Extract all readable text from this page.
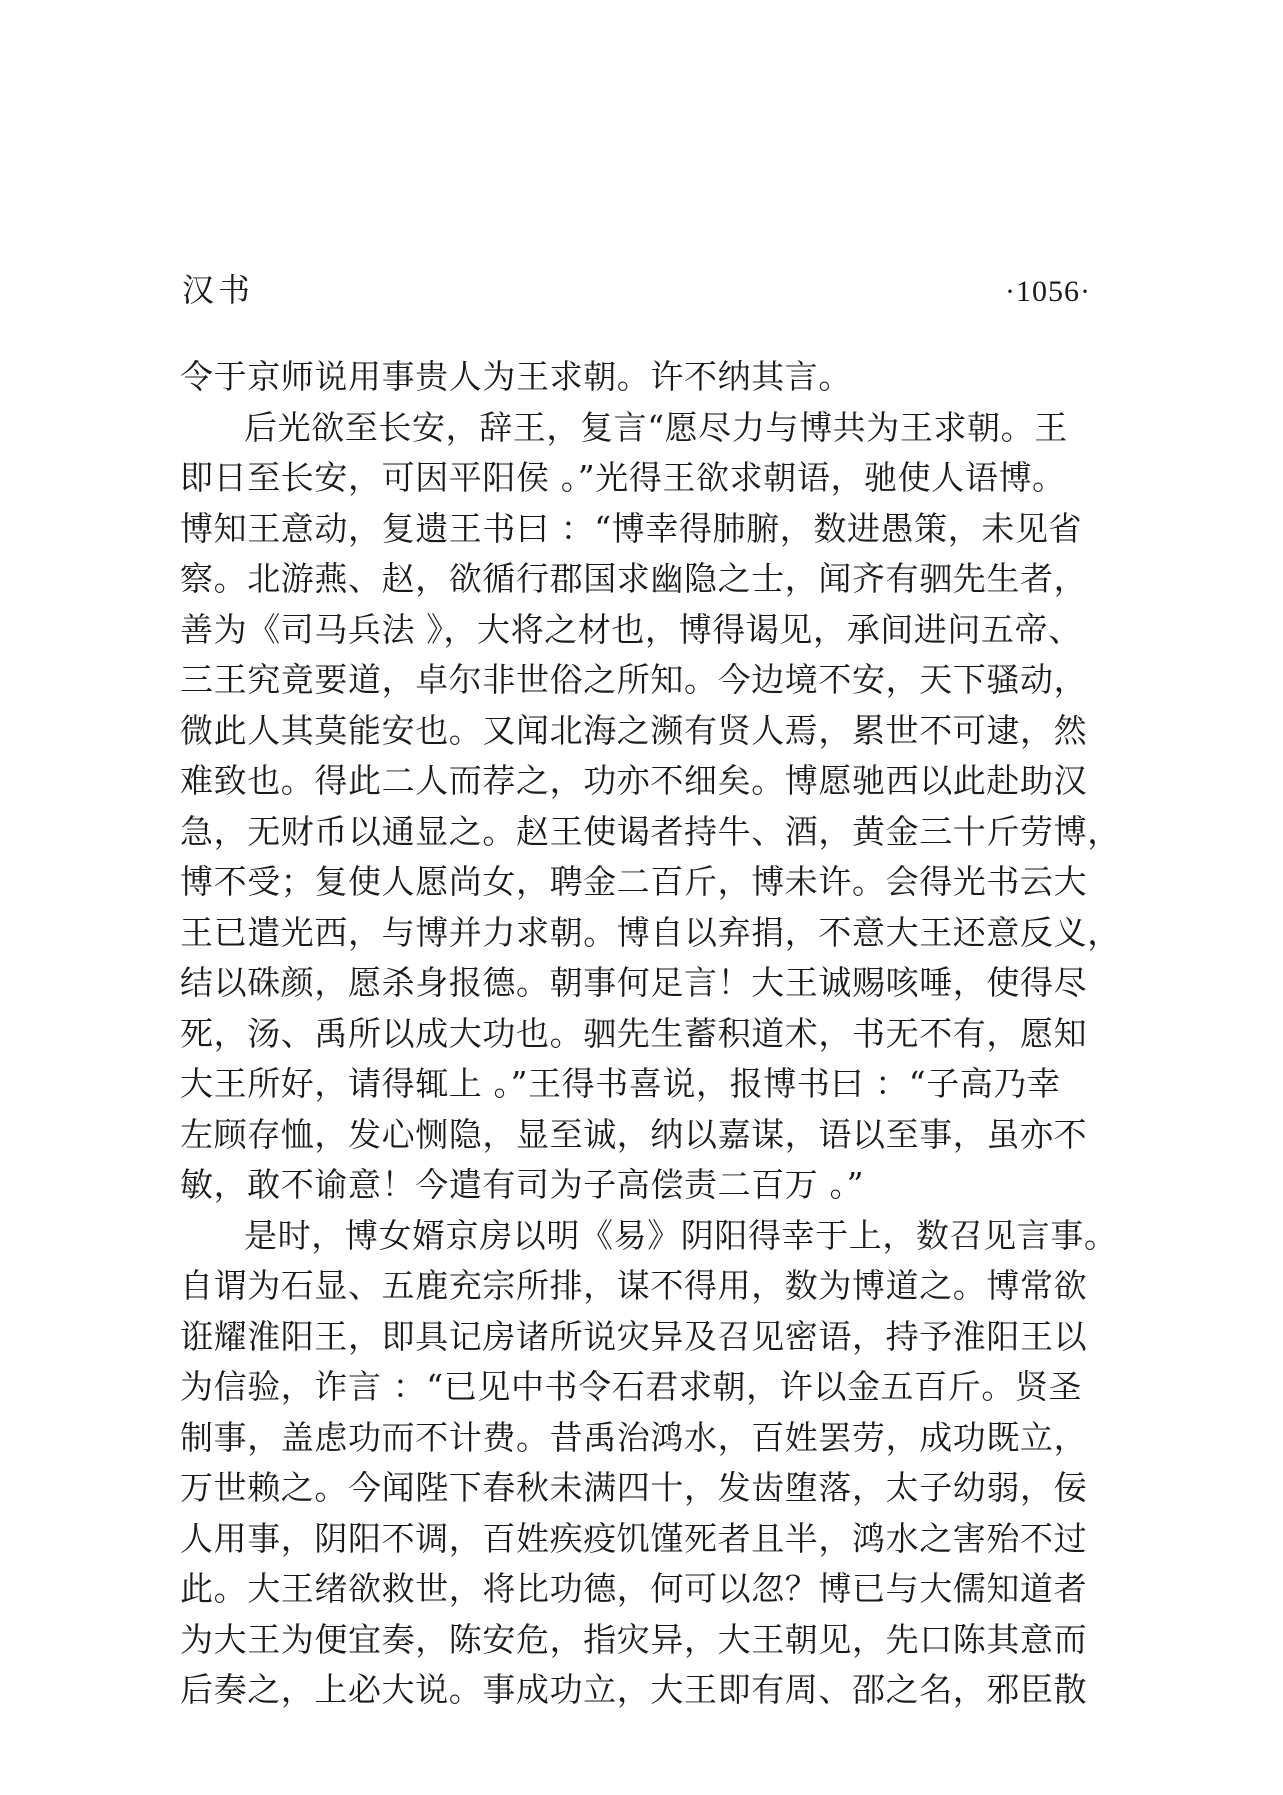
汉书	·1056·
令于京师说用事贵人为王求朝。许不纳其言。
后光欲至长安，辞王，复言“愿尽力与博共为王求朝。王
即日至长安，可因平阳侯 。”光得王欲求朝语，驰使人语博。
博知王意动，复遗王书曰 ：“博幸得肺腑，数进愚策，未见省
察。北游燕、赵，欲循行郡国求幽隐之士，闻齐有驷先生者，
善为《司马兵法 》，大将之材也，博得谒见，承间进问五帝、
三王究竟要道，卓尔非世俗之所知。今边境不安，天下骚动，
微此人其莫能安也。又闻北海之濒有贤人焉，累世不可逮，然
难致也。得此二人而荐之，功亦不细矣。博愿驰西以此赴助汉
急，无财币以通显之。赵王使谒者持牛、酒，黄金三十斤劳博，
博不受；复使人愿尚女，聘金二百斤，博未许。会得光书云大
王已遣光西，与博并力求朝。博自以弃捐，不意大王还意反义，
结以硃颜，愿杀身报德。朝事何足言！大王诚赐咳唾，使得尽
死，汤、禹所以成大功也。驷先生蓄积道术，书无不有，愿知
大王所好，请得辄上 。”王得书喜说，报博书曰 ：“子高乃幸
左顾存恤，发心恻隐，显至诚，纳以嘉谋，语以至事，虽亦不
敏，敢不谕意！今遣有司为子高偿责二百万 。”
是时，博女婿京房以明《易》阴阳得幸于上，数召见言事。
自谓为石显、五鹿充宗所排，谋不得用，数为博道之。博常欲
诳耀淮阳王，即具记房诸所说灾异及召见密语，持予淮阳王以
为信验，诈言 ：“已见中书令石君求朝，许以金五百斤。贤圣
制事，盖虑功而不计费。昔禹治鸿水，百姓罢劳，成功既立，
万世赖之。今闻陛下春秋未满四十，发齿堕落，太子幼弱，佞
人用事，阴阳不调，百姓疾疫饥馑死者且半，鸿水之害殆不过
此。大王绪欲救世，将比功德，何可以忽？博已与大儒知道者
为大王为便宜奏，陈安危，指灾异，大王朝见，先口陈其意而
后奏之，上必大说。事成功立，大王即有周、邵之名，邪臣散
